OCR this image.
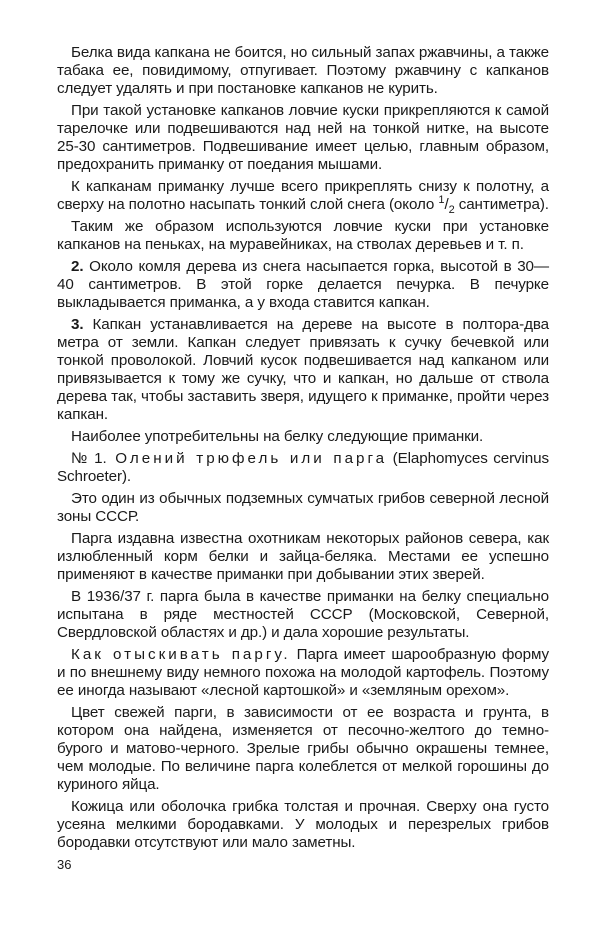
Белка вида капкана не боится, но сильный запах ржавчины, а также табака ее, повидимому, отпугивает. Поэтому ржавчину с капканов следует удалять и при постановке капканов не курить.

При такой установке капканов ловчие куски прикрепляются к самой тарелочке или подвешиваются над ней на тонкой нитке, на высоте 25-30 сантиметров. Подвешивание имеет целью, главным образом, предохранить приманку от поедания мышами.

К капканам приманку лучше всего прикреплять снизу к полотну, а сверху на полотно насыпать тонкий слой снега (около $^1/_2$ сантиметра).

Таким же образом используются ловчие куски при установке капканов на пеньках, на муравейниках, на стволах деревьев и т. п.

2. Около комля дерева из снега насыпается горка, высотой в 30—40 сантиметров. В этой горке делается печурка. В печурке выкладывается приманка, а у входа ставится капкан.

3. Капкан устанавливается на дереве на высоте в полтора-два метра от земли. Капкан следует привязать к сучку бечевкой или тонкой проволокой. Ловчий кусок подвешивается над капканом или привязывается к тому же сучку, что и капкан, но дальше от ствола дерева так, чтобы заставить зверя, идущего к приманке, пройти через капкан.

Наиболее употребительны на белку следующие приманки.

№ 1. Олений трюфель или парга (Elaphomyces cervinus Schroeter).

Это один из обычных подземных сумчатых грибов северной лесной зоны СССР.

Парга издавна известна охотникам некоторых районов севера, как излюбленный корм белки и зайца-беляка. Местами ее успешно применяют в качестве приманки при добывании этих зверей.

В 1936/37 г. парга была в качестве приманки на белку специально испытана в ряде местностей СССР (Московской, Северной, Свердловской областях и др.) и дала хорошие результаты.

Как отыскивать паргу. Парга имеет шарообразную форму и по внешнему виду немного похожа на молодой картофель. Поэтому ее иногда называют «лесной картошкой» и «земляным орехом».

Цвет свежей парги, в зависимости от ее возраста и грунта, в котором она найдена, изменяется от песочно-желтого до темно-бурого и матово-черного. Зрелые грибы обычно окрашены темнее, чем молодые. По величине парга колеблется от мелкой горошины до куриного яйца.

Кожица или оболочка грибка толстая и прочная. Сверху она густо усеяна мелкими бородавками. У молодых и перезрелых грибов бородавки отсутствуют или мало заметны.

36
